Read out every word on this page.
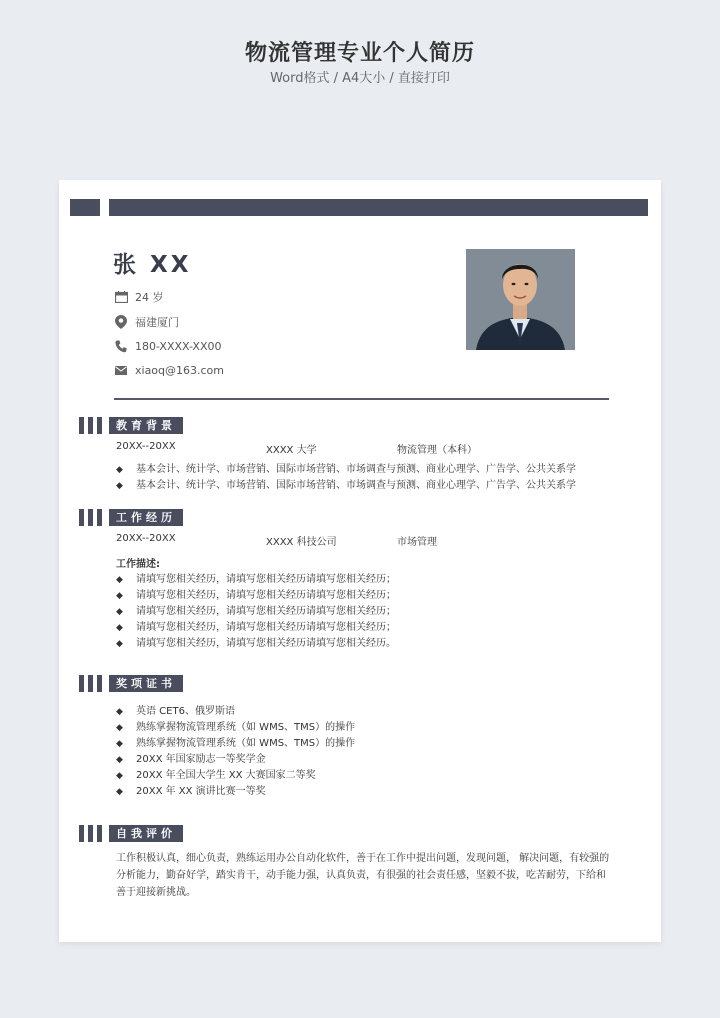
物流管理专业个人简历
Word格式 / A4大小 / 直接打印
张 XX
24 岁
福建厦门
180-XXXX-XX00
xiaoq@163.com
教育背景
20XX--20XX	XXXX 大学	物流管理（本科）
◆ 基本会计、统计学、市场营销、国际市场营销、市场调查与预测、商业心理学、广告学、公共关系学
◆ 基本会计、统计学、市场营销、国际市场营销、市场调查与预测、商业心理学、广告学、公共关系学
工作经历
20XX--20XX	XXXX 科技公司	市场管理
工作描述:
◆ 请填写您相关经历，请填写您相关经历请填写您相关经历；
◆ 请填写您相关经历，请填写您相关经历请填写您相关经历；
◆ 请填写您相关经历，请填写您相关经历请填写您相关经历；
◆ 请填写您相关经历，请填写您相关经历请填写您相关经历；
◆ 请填写您相关经历，请填写您相关经历请填写您相关经历。
奖项证书
◆ 英语 CET6、俄罗斯语
◆ 熟练掌握物流管理系统（如 WMS、TMS）的操作
◆ 熟练掌握物流管理系统（如 WMS、TMS）的操作
◆ 20XX 年国家励志一等奖学金
◆ 20XX 年全国大学生 XX 大赛国家二等奖
◆ 20XX 年 XX 演讲比赛一等奖
自我评价
工作积极认真，细心负责，熟练运用办公自动化软件，善于在工作中提出问题，发现问题， 解决问题，有较强的分析能力，勤奋好学，踏实肯干，动手能力强，认真负责，有很强的社会责任感，坚毅不拔，吃苦耐劳，下给和善于迎接新挑战。
